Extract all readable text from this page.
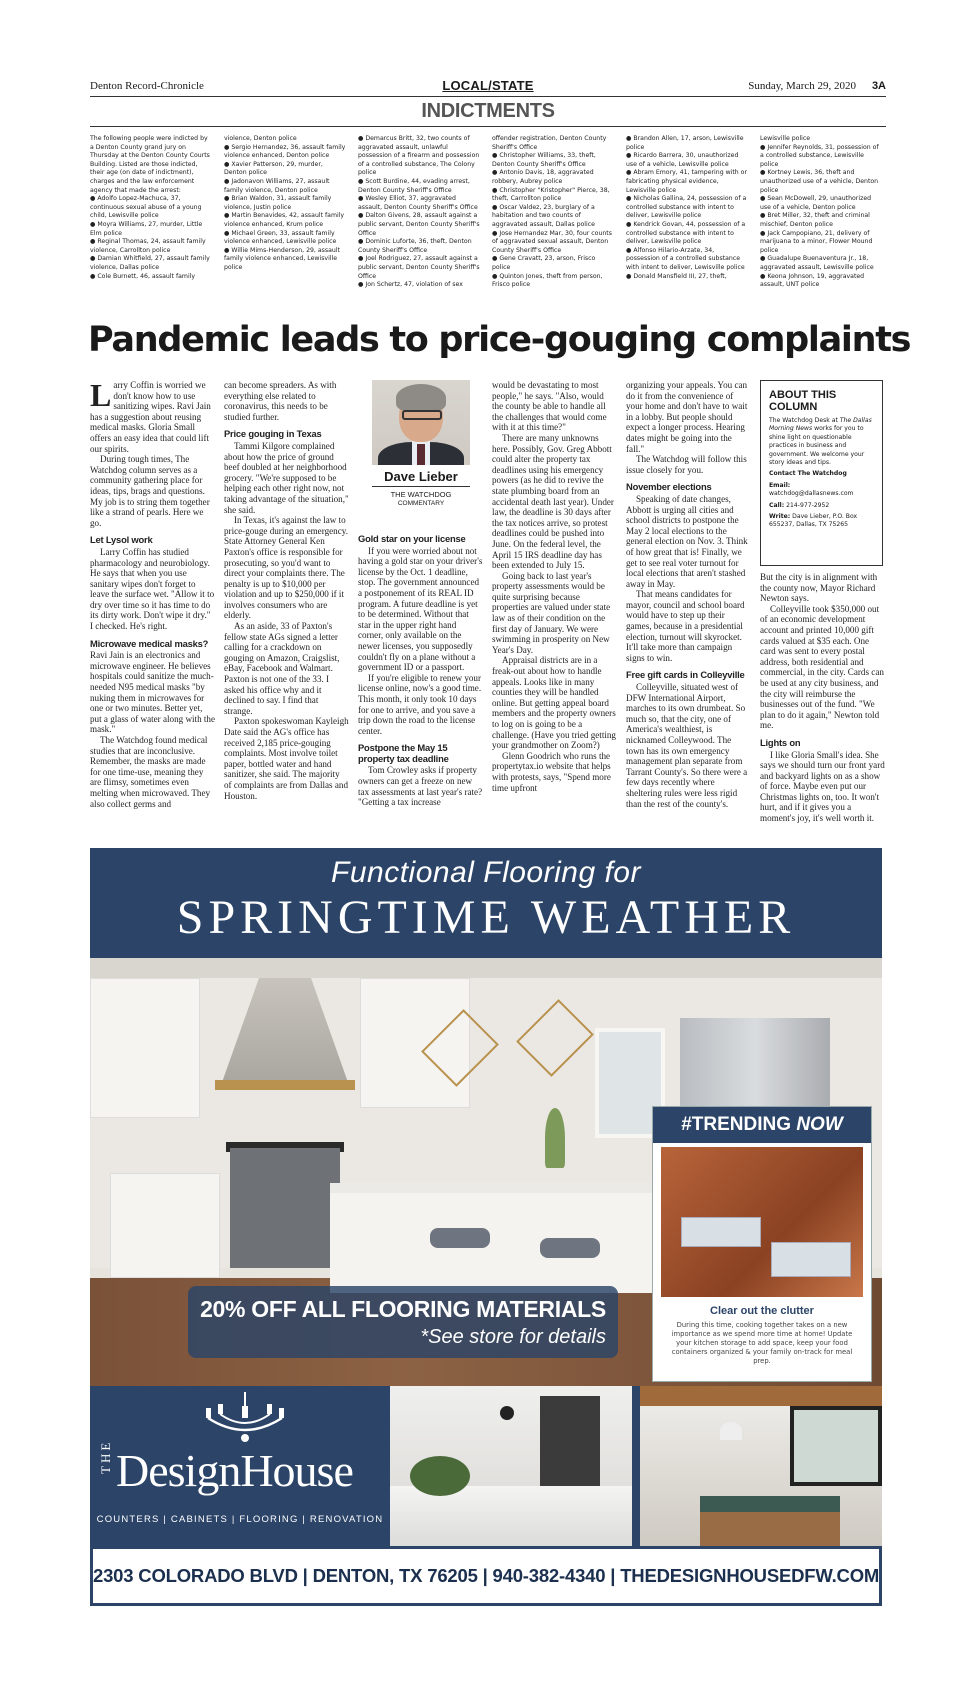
Denton Record-Chronicle	LOCAL/STATE	Sunday, March 29, 2020 3A
INDICTMENTS
The following people were indicted by a Denton County grand jury on Thursday at the Denton County Courts Building. Listed are those indicted, their age (on date of indictment), charges and the law enforcement agency that made the arrest:
● Adolfo Lopez-Machuca, 37, continuous sexual abuse of a young child, Lewisville police
● Moyra Williams, 27, murder, Little Elm police
● Reginal Thomas, 24, assault family violence, Carrollton police
● Damian Whitfield, 27, assault family violence, Dallas police
● Cole Burnett, 46, assault family
violence, Denton police
● Sergio Hernandez, 36, assault family violence enhanced, Denton police
● Xavier Patterson, 29, murder, Denton police
● Jadonavon Williams, 27, assault family violence, Denton police
● Brian Waldon, 31, assault family violence, Justin police
● Martin Benavides, 42, assault family violence enhanced, Krum police
● Michael Green, 33, assault family violence enhanced, Lewisville police
● Willie Mims-Henderson, 29, assault family violence enhanced, Lewisville police
● Demarcus Britt, 32, two counts of aggravated assault, unlawful possession of a firearm and possession of a controlled substance, The Colony police
● Scott Burdine, 44, evading arrest, Denton County Sheriff's Office
● Wesley Elliot, 37, aggravated assault, Denton County Sheriff's Office
● Dalton Givens, 28, assault against a public servant, Denton County Sheriff's Office
● Dominic Luforte, 36, theft, Denton County Sheriff's Office
● Joel Rodriguez, 27, assault against a public servant, Denton County Sheriff's Office
● Jon Schertz, 47, violation of sex
offender registration, Denton County Sheriff's Office
● Christopher Williams, 33, theft, Denton County Sheriff's Office
● Antonio Davis, 18, aggravated robbery, Aubrey police
● Christopher "Kristopher" Pierce, 38, theft, Carrollton police
● Oscar Valdez, 23, burglary of a habitation and two counts of aggravated assault, Dallas police
● Jose Hernandez Mar, 30, four counts of aggravated sexual assault, Denton County Sheriff's Office
● Gene Cravatt, 23, arson, Frisco police
● Quinton Jones, theft from person, Frisco police
● Brandon Allen, 17, arson, Lewisville police
● Ricardo Barrera, 30, unauthorized use of a vehicle, Lewisville police
● Abram Emory, 41, tampering with or fabricating physical evidence, Lewisville police
● Nicholas Gallina, 24, possession of a controlled substance with intent to deliver, Lewisville police
● Kendrick Govan, 44, possession of a controlled substance with intent to deliver, Lewisville police
● Alfonso Hilario-Arzate, 34, possession of a controlled substance with intent to deliver, Lewisville police
● Donald Mansfield III, 27, theft,
Lewisville police
● Jennifer Reynolds, 31, possession of a controlled substance, Lewisville police
● Kortney Lewis, 36, theft and unauthorized use of a vehicle, Denton police
● Sean McDowell, 29, unauthorized use of a vehicle, Denton police
● Bret Miller, 32, theft and criminal mischief, Denton police
● Jack Campopiano, 21, delivery of marijuana to a minor, Flower Mound police
● Guadalupe Buenaventura Jr., 18, aggravated assault, Lewisville police
● Keona Johnson, 19, aggravated assault, UNT police
Pandemic leads to price-gouging complaints

Larry Coffin is worried we don't know how to use sanitizing wipes. Ravi Jain has a suggestion about reusing medical masks. Gloria Small offers an easy idea that could lift our spirits.

During tough times, The Watchdog column serves as a community gathering place for ideas, tips, brags and questions. My job is to string them together like a strand of pearls. Here we go.

Let Lysol work

Larry Coffin has studied pharmacology and neurobiology. He says that when you use sanitary wipes don't forget to leave the surface wet. "Allow it to dry over time so it has time to do its dirty work. Don't wipe it dry." I checked. He's right.

Microwave medical masks?

Ravi Jain is an electronics and microwave engineer. He believes hospitals could sanitize the much-needed N95 medical masks "by nuking them in microwaves for one or two minutes. Better yet, put a glass of water along with the mask."

The Watchdog found medical studies that are inconclusive. Remember, the masks are made for one time-use, meaning they are flimsy, sometimes even melting when microwaved. They also collect germs and

can become spreaders. As with everything else related to coronavirus, this needs to be studied further.

Price gouging in Texas

Tammi Kilgore complained about how the price of ground beef doubled at her neighborhood grocery. "We're supposed to be helping each other right now, not taking advantage of the situation," she said.

In Texas, it's against the law to price-gouge during an emergency. State Attorney General Ken Paxton's office is responsible for prosecuting, so you'd want to direct your complaints there. The penalty is up to $10,000 per violation and up to $250,000 if it involves consumers who are elderly.

As an aside, 33 of Paxton's fellow state AGs signed a letter calling for a crackdown on gouging on Amazon, Craigslist, eBay, Facebook and Walmart. Paxton is not one of the 33. I asked his office why and it declined to say. I find that strange.

Paxton spokeswoman Kayleigh Date said the AG's office has received 2,185 price-gouging complaints. Most involve toilet paper, bottled water and hand sanitizer, she said. The majority of complaints are from Dallas and Houston.

Dave Lieber
THE WATCHDOG
COMMENTARY
Gold star on your license

If you were worried about not having a gold star on your driver's license by the Oct. 1 deadline, stop. The government announced a postponement of its REAL ID program. A future deadline is yet to be determined. Without that star in the upper right hand corner, only available on the newer licenses, you supposedly couldn't fly on a plane without a government ID or a passport.

If you're eligible to renew your license online, now's a good time. This month, it only took 10 days for one to arrive, and you save a trip down the road to the license center.

Postpone the May 15 property tax deadline

Tom Crowley asks if property owners can get a freeze on new tax assessments at last year's rate? "Getting a tax increase

would be devastating to most people," he says. "Also, would the county be able to handle all the challenges that would come with it at this time?"

There are many unknowns here. Possibly, Gov. Greg Abbott could alter the property tax deadlines using his emergency powers (as he did to revive the state plumbing board from an accidental death last year). Under law, the deadline is 30 days after the tax notices arrive, so protest deadlines could be pushed into June. On the federal level, the April 15 IRS deadline day has been extended to July 15.

Going back to last year's property assessments would be quite surprising because properties are valued under state law as of their condition on the first day of January. We were swimming in prosperity on New Year's Day.

Appraisal districts are in a freak-out about how to handle appeals. Looks like in many counties they will be handled online. But getting appeal board members and the property owners to log on is going to be a challenge. (Have you tried getting your grandmother on Zoom?)

Glenn Goodrich who runs the propertytax.io website that helps with protests, says, "Spend more time upfront

organizing your appeals. You can do it from the convenience of your home and don't have to wait in a lobby. But people should expect a longer process. Hearing dates might be going into the fall."

The Watchdog will follow this issue closely for you.

November elections

Speaking of date changes, Abbott is urging all cities and school districts to postpone the May 2 local elections to the general election on Nov. 3. Think of how great that is! Finally, we get to see real voter turnout for local elections that aren't stashed away in May.

That means candidates for mayor, council and school board would have to step up their games, because in a presidential election, turnout will skyrocket. It'll take more than campaign signs to win.

Free gift cards in Colleyville

Colleyville, situated west of DFW International Airport, marches to its own drumbeat. So much so, that the city, one of America's wealthiest, is nicknamed Colleywood. The town has its own emergency management plan separate from Tarrant County's. So there were a few days recently where sheltering rules were less rigid than the rest of the county's.

ABOUT THIS COLUMN

The Watchdog Desk at The Dallas Morning News works for you to shine light on questionable practices in business and government. We welcome your story ideas and tips.

Contact The Watchdog

Email: watchdog@dallasnews.com

Call: 214-977-2952

Write: Dave Lieber, P.O. Box 655237, Dallas, TX 75265

But the city is in alignment with the county now, Mayor Richard Newton says.

Colleyville took $350,000 out of an economic development account and printed 10,000 gift cards valued at $35 each. One card was sent to every postal address, both residential and commercial, in the city. Cards can be used at any city business, and the city will reimburse the businesses out of the fund. "We plan to do it again," Newton told me.

Lights on

I like Gloria Small's idea. She says we should turn our front yard and backyard lights on as a show of force. Maybe even put our Christmas lights on, too. It won't hurt, and if it gives you a moment's joy, it's well worth it.

Functional Flooring for
SPRINGTIME WEATHER
20% OFF ALL FLOORING MATERIALS
*See store for details
#TRENDING NOW
Clear out the clutter
During this time, cooking together takes on a new importance as we spend more time at home! Update your kitchen storage to add space, keep your food containers organized & your family on-track for meal prep.
THE DesignHouse
COUNTERS | CABINETS | FLOORING | RENOVATION
2303 COLORADO BLVD | DENTON, TX 76205 | 940-382-4340 | THEDESIGNHOUSEDFW.COM
